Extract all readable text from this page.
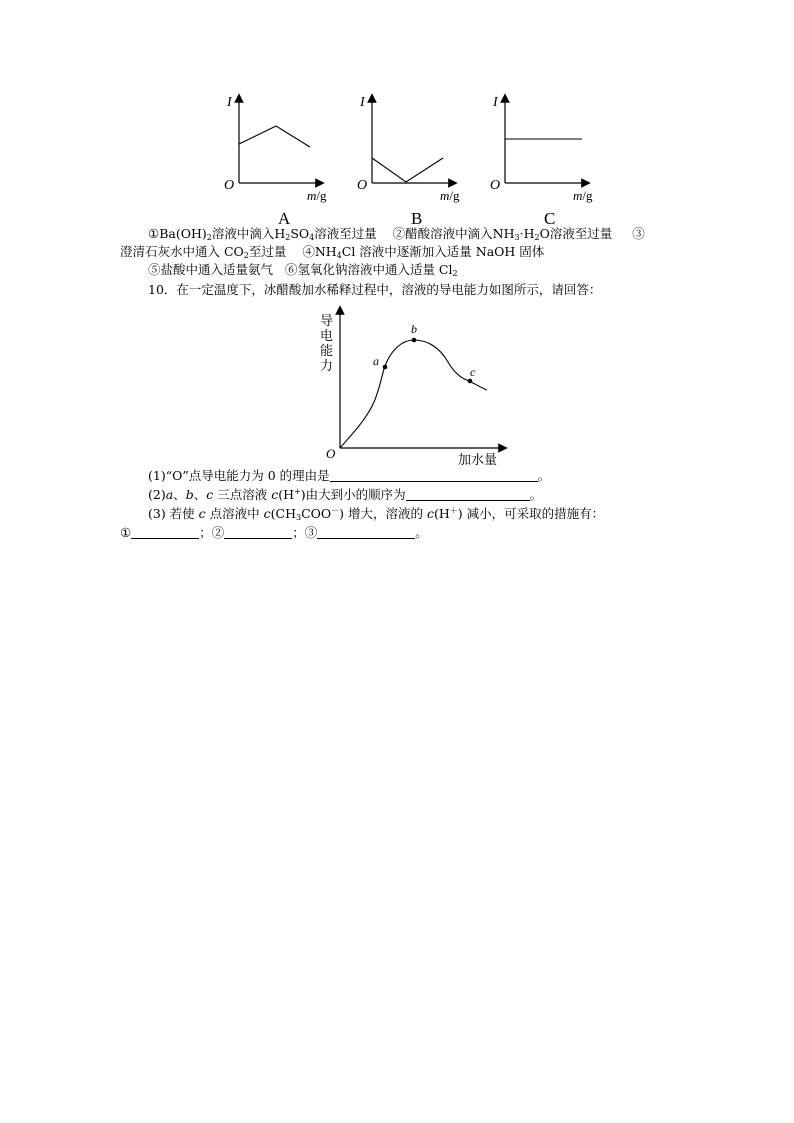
I
O
m/g
A
I
O
m/g
B
I
O
m/g
C
$①Ba(OH)_2$溶液中滴入$H_2SO_4$溶液至过量 ②醋酸溶液中滴入$NH_3\cdot H_2O$溶液至过量 ③
澄清石灰水中通入 $CO_2$至过量 $④NH_4Cl$ 溶液中逐渐加入适量 NaOH 固体
⑤盐酸中通入适量氨气 ⑥氢氧化钠溶液中通入适量 $Cl_2$
10．在一定温度下，冰醋酸加水稀释过程中，溶液的导电能力如图所示，请回答：
导
电
能
力
O	加水量
a
b
c
(1)“O”点导电能力为 0 的理由是	。
(2)a、b、c 三点溶液 c(H+)由大到小的顺序为	。
(3) 若使 c 点溶液中 $c(CH_3COO^-)$ 增大，溶液的 c(H＋) 减小，可采取的措施有：
①	；②	；③	。
